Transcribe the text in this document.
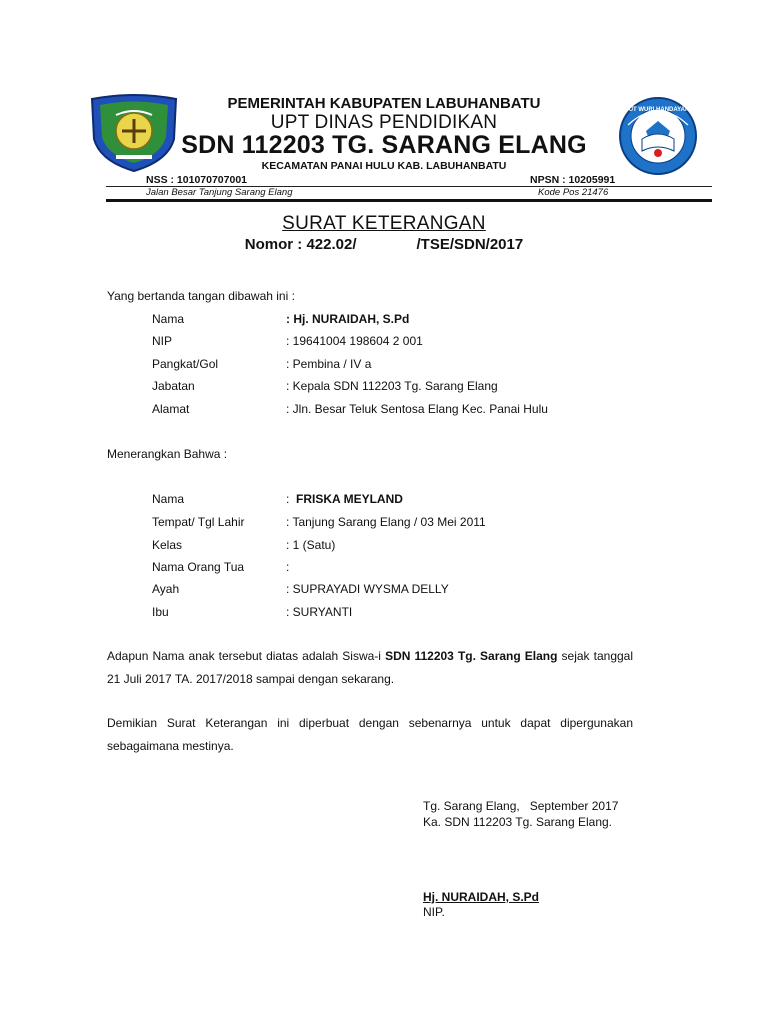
TUT WURI HANDAYANI
PEMERINTAH KABUPATEN LABUHANBATU
UPT DINAS PENDIDIKAN
SDN 112203 TG. SARANG ELANG
KECAMATAN PANAI HULU KAB. LABUHANBATU
NSS : 101070707001	NPSN : 10205991
Jalan Besar Tanjung Sarang Elang	Kode Pos 21476
SURAT KETERANGAN
Nomor : 422.02/	/TSE/SDN/2017
Yang bertanda tangan dibawah ini :
Nama	: Hj. NURAIDAH, S.Pd
NIP	: 19641004 198604 2 001
Pangkat/Gol	: Pembina / IV a
Jabatan	: Kepala SDN 112203 Tg. Sarang Elang
Alamat	: Jln. Besar Teluk Sentosa Elang Kec. Panai Hulu
Menerangkan Bahwa :
Nama	: FRISKA MEYLAND
Tempat/ Tgl Lahir	: Tanjung Sarang Elang / 03 Mei 2011
Kelas	: 1 (Satu)
Nama Orang Tua	:
Ayah	: SUPRAYADI WYSMA DELLY
Ibu	: SURYANTI
Adapun Nama anak tersebut diatas adalah Siswa-i SDN 112203 Tg. Sarang Elang sejak tanggal
21 Juli 2017 TA. 2017/2018 sampai dengan sekarang.
Demikian Surat Keterangan ini diperbuat dengan sebenarnya untuk dapat dipergunakan
sebagaimana mestinya.
Tg. Sarang Elang,   September 2017
Ka. SDN 112203 Tg. Sarang Elang.
Hj. NURAIDAH, S.Pd
NIP.
